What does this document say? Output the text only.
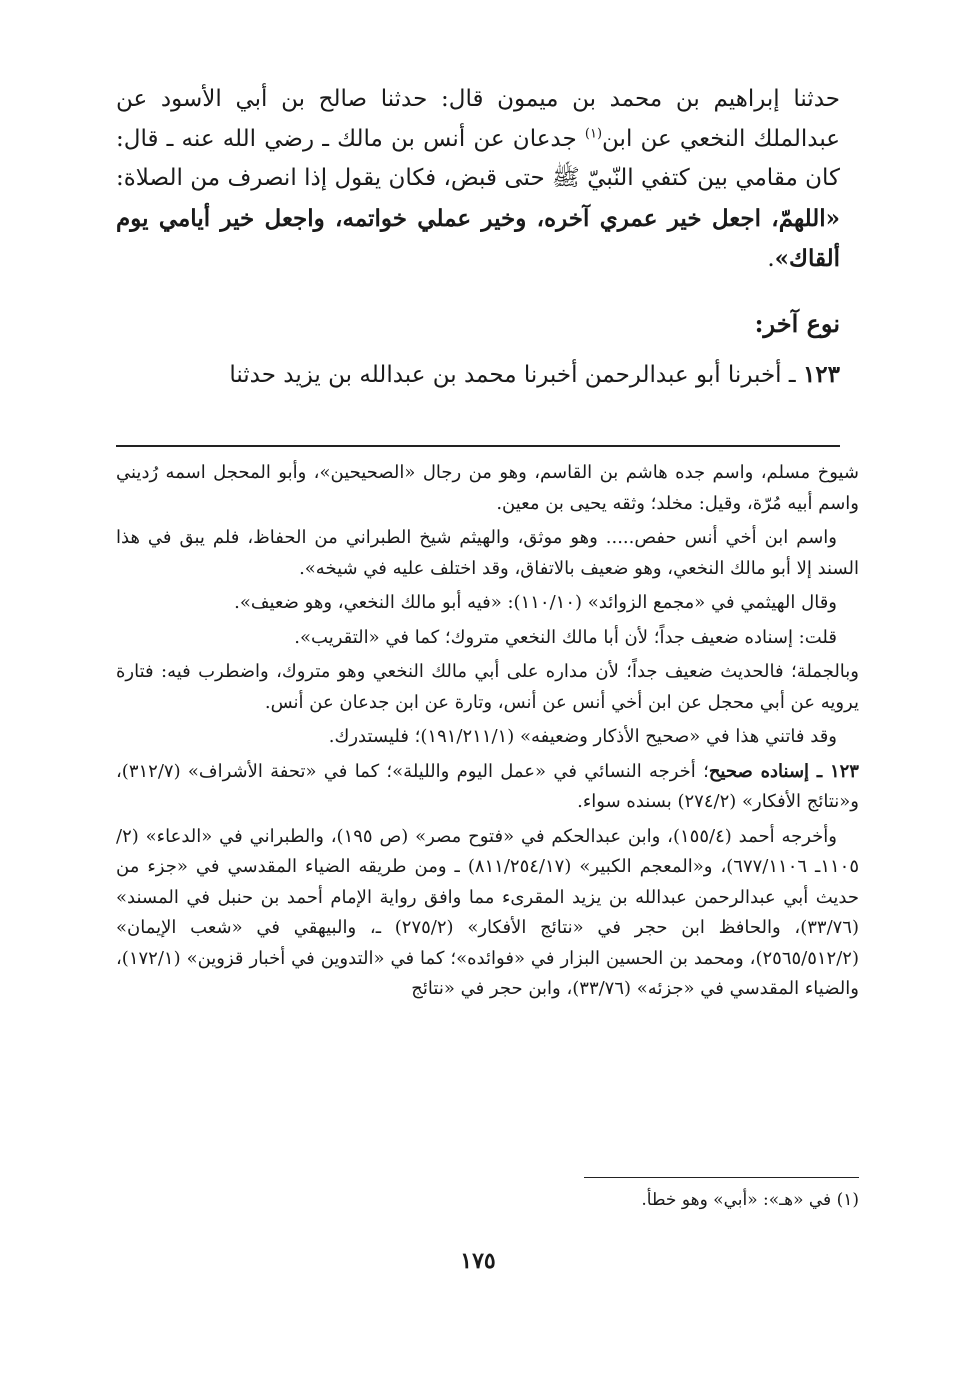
حدثنا إبراهيم بن محمد بن ميمون قال: حدثنا صالح بن أبي الأسود عن عبدالملك النخعي عن ابن$^{(١)}$ جدعان عن أنس بن مالك ـ رضي الله عنه ـ قال: كان مقامي بين كتفي النّبيّ ﷺ حتى قبض، فكان يقول إذا انصرف من الصلاة: «اللهمّ، اجعل خير عمري آخره، وخير عملي خواتمه، واجعل خير أيامي يوم ألقاك».

نوع آخر:

١٢٣ ـ أخبرنا أبو عبدالرحمن أخبرنا محمد بن عبدالله بن يزيد حدثنا

شيوخ مسلم، واسم جده هاشم بن القاسم، وهو من رجال «الصحيحين»، وأبو المحجل اسمه رُديني واسم أبيه مُرّة، وقيل: مخلد؛ وثقه يحيى بن معين.

واسم ابن أخي أنس حفص..... وهو موثق، والهيثم شيخ الطبراني من الحفاظ، فلم يبق في هذا السند إلا أبو مالك النخعي، وهو ضعيف بالاتفاق، وقد اختلف عليه في شيخه».

وقال الهيثمي في «مجمع الزوائد» (١١٠/١٠): «فيه أبو مالك النخعي، وهو ضعيف».

قلت: إسناده ضعيف جداً؛ لأن أبا مالك النخعي متروك؛ كما في «التقريب».

وبالجملة؛ فالحديث ضعيف جداً؛ لأن مداره على أبي مالك النخعي وهو متروك، واضطرب فيه: فتارة يرويه عن أبي محجل عن ابن أخي أنس عن أنس، وتارة عن ابن جدعان عن أنس.

وقد فاتني هذا في «صحيح الأذكار وضعيفه» (١٩١/٢١١/١)؛ فليستدرك.

١٢٣ ـ إسناده صحيح؛ أخرجه النسائي في «عمل اليوم والليلة»؛ كما في «تحفة الأشراف» (٣١٢/٧)، و«نتائج الأفكار» (٢٧٤/٢) بسنده سواء.

وأخرجه أحمد (١٥٥/٤)، وابن عبدالحكم في «فتوح مصر» (ص ١٩٥)، والطبراني في «الدعاء» (٢/ ١١٠٥ـ ٦٧٧/١١٠٦)، و«المعجم الكبير» (٨١١/٢٥٤/١٧) ـ ومن طريقه الضياء المقدسي في «جزء من حديث أبي عبدالرحمن عبدالله بن يزيد المقرىء مما وافق رواية الإمام أحمد بن حنبل في المسند» (٣٣/٧٦)، والحافظ ابن حجر في «نتائج الأفكار» (٢٧٥/٢) ـ، والبيهقي في «شعب الإيمان» (٢٥٦٥/٥١٢/٢)، ومحمد بن الحسين البزار في «فوائده»؛ كما في «التدوين في أخبار قزوين» (١٧٢/١)، والضياء المقدسي في «جزئه» (٣٣/٧٦)، وابن حجر في «نتائج

(١) في «هـ»: «أبي» وهو خطأ.
١٧٥
